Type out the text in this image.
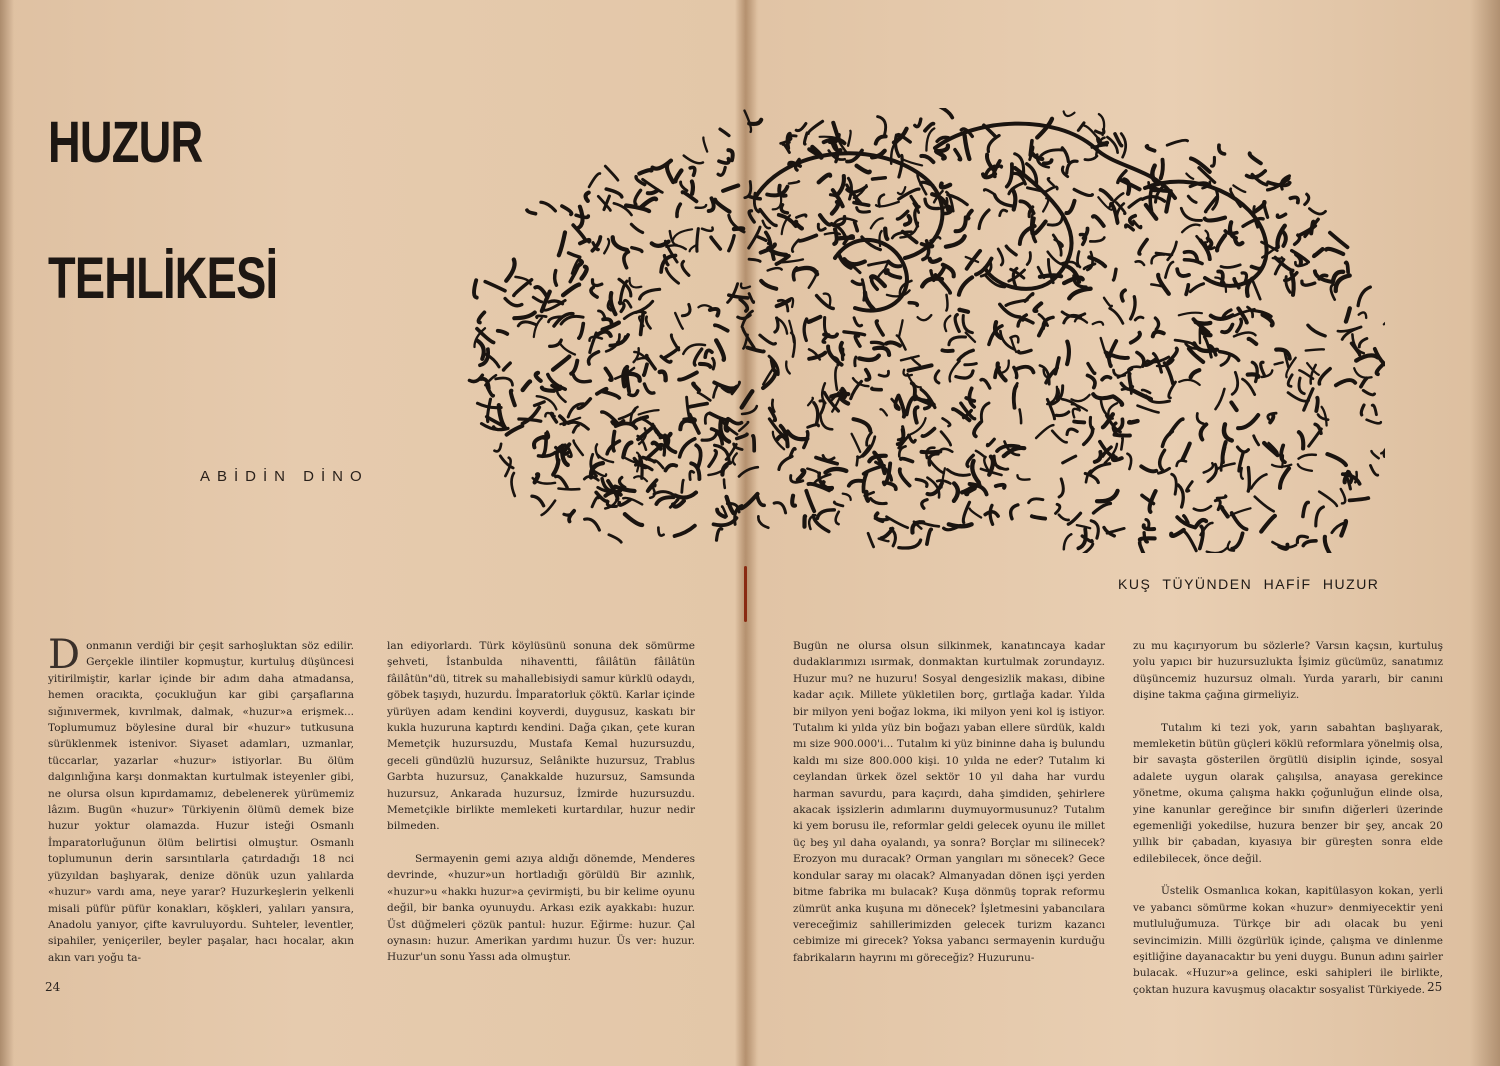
HUZUR
TEHLİKESİ
ABİDİN DİNO
KUŞ TÜYÜNDEN HAFİF HUZUR

Donmanın verdiği bir çeşit sarhoşluktan söz edilir. Gerçekle ilintiler kopmuştur, kurtuluş düşüncesi yitirilmiştir, karlar içinde bir adım daha atmadansa, hemen oracıkta, çocukluğun kar gibi çarşaflarına sığınıvermek, kıvrılmak, dalmak, «huzur»a erişmek... Toplumumuz böylesine dural bir «huzur» tutkusuna sürüklenmek istenivor. Siyaset adamları, uzmanlar, tüccarlar, yazarlar «huzur» istiyorlar. Bu ölüm dalgınlığına karşı donmaktan kurtulmak isteyenler gibi, ne olursa olsun kıpırdamamız, debelenerek yürümemiz lâzım. Bugün «huzur» Türkiyenin ölümü demek bize huzur yoktur olamazda. Huzur isteği Osmanlı İmparatorluğunun ölüm belirtisi olmuştur. Osmanlı toplumunun derin sarsıntılarla çatırdadığı 18 nci yüzyıldan başlıyarak, denize dönük uzun yalılarda «huzur» vardı ama, neye yarar? Huzurkeşlerin yelkenli misali püfür püfür konakları, köşkleri, yalıları yansıra, Anadolu yanıyor, çifte kavruluyordu. Suhteler, leventler, sipahiler, yeniçeriler, beyler paşalar, hacı hocalar, akın akın varı yoğu ta-

lan ediyorlardı. Türk köylüsünü sonuna dek sömürme şehveti, İstanbulda nihaventti, fâilâtün fâilâtün fâilâtün"dü, titrek su mahallebisiydi samur kürklü odaydı, göbek taşıydı, huzurdu. İmparatorluk çöktü. Karlar içinde yürüyen adam kendini koyverdi, duygusuz, kaskatı bir kukla huzuruna kaptırdı kendini. Dağa çıkan, çete kuran Memetçik huzursuzdu, Mustafa Kemal huzursuzdu, geceli gündüzlü huzursuz, Selânikte huzursuz, Trablus Garbta huzursuz, Çanakkalde huzursuz, Samsunda huzursuz, Ankarada huzursuz, İzmirde huzursuzdu. Memetçikle birlikte memleketi kurtardılar, huzur nedir bilmeden.

Sermayenin gemi azıya aldığı dönemde, Menderes devrinde, «huzur»un hortladığı görüldü Bir azınlık, «huzur»u «hakkı huzur»a çevirmişti, bu bir kelime oyunu değil, bir banka oyunuydu. Arkası ezik ayakkabı: huzur. Üst düğmeleri çözük pantul: huzur. Eğirme: huzur. Çal oynasın: huzur. Amerikan yardımı huzur. Üs ver: huzur. Huzur'un sonu Yassı ada olmuştur.

Bugün ne olursa olsun silkinmek, kanatıncaya kadar dudaklarımızı ısırmak, donmaktan kurtulmak zorundayız. Huzur mu? ne huzuru! Sosyal dengesizlik makası, dibine kadar açık. Millete yükletilen borç, gırtlağa kadar. Yılda bir milyon yeni boğaz lokma, iki milyon yeni kol iş istiyor. Tutalım ki yılda yüz bin boğazı yaban ellere sürdük, kaldı mı size 900.000'i... Tutalım ki yüz bininne daha iş bulundu kaldı mı size 800.000 kişi. 10 yılda ne eder? Tutalım ki ceylandan ürkek özel sektör 10 yıl daha har vurdu harman savurdu, para kaçırdı, daha şimdiden, şehirlere akacak işsizlerin adımlarını duymuyormusunuz? Tutalım ki yem borusu ile, reformlar geldi gelecek oyunu ile millet üç beş yıl daha oyalandı, ya sonra? Borçlar mı silinecek? Erozyon mu duracak? Orman yangıları mı sönecek? Gece kondular saray mı olacak? Almanyadan dönen işçi yerden bitme fabrika mı bulacak? Kuşa dönmüş toprak reformu zümrüt anka kuşuna mı dönecek? İşletmesini yabancılara vereceğimiz sahillerimizden gelecek turizm kazancı cebimize mi girecek? Yoksa yabancı sermayenin kurduğu fabrikaların hayrını mı göreceğiz? Huzurunu-

zu mu kaçırıyorum bu sözlerle? Varsın kaçsın, kurtuluş yolu yapıcı bir huzursuzlukta İşimiz gücümüz, sanatımız düşüncemiz huzursuz olmalı. Yurda yararlı, bir canını dişine takma çağına girmeliyiz.

Tutalım ki tezi yok, yarın sabahtan başlıyarak, memleketin bütün güçleri köklü reformlara yönelmiş olsa, bir savaşta gösterilen örgütlü disiplin içinde, sosyal adalete uygun olarak çalışılsa, anayasa gerekince yönetme, okuma çalışma hakkı çoğunluğun elinde olsa, yine kanunlar gereğince bir sınıfın diğerleri üzerinde egemenliği yokedilse, huzura benzer bir şey, ancak 20 yıllık bir çabadan, kıyasıya bir güreşten sonra elde edilebilecek, önce değil.

Üstelik Osmanlıca kokan, kapitülasyon kokan, yerli ve yabancı sömürme kokan «huzur» denmiyecektir yeni mutluluğumuza. Türkçe bir adı olacak bu yeni sevincimizin. Milli özgürlük içinde, çalışma ve dinlenme eşitliğine dayanacaktır bu yeni duygu. Bunun adını şairler bulacak. «Huzur»a gelince, eski sahipleri ile birlikte, çoktan huzura kavuşmuş olacaktır sosyalist Türkiyede.

24	25
